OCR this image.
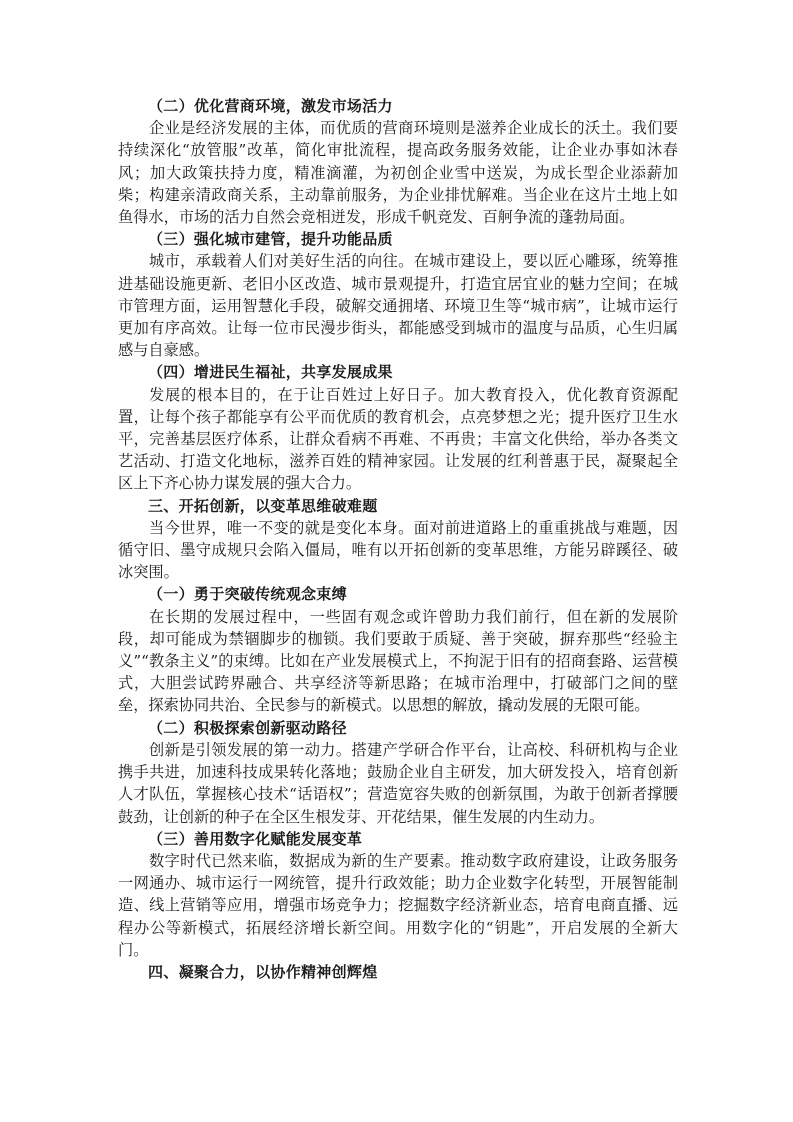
（二）优化营商环境，激发市场活力

企业是经济发展的主体，而优质的营商环境则是滋养企业成长的沃土。我们要持续深化“放管服”改革，简化审批流程，提高政务服务效能，让企业办事如沐春风；加大政策扶持力度，精准滴灌，为初创企业雪中送炭，为成长型企业添薪加柴；构建亲清政商关系，主动靠前服务，为企业排忧解难。当企业在这片土地上如鱼得水，市场的活力自然会竞相迸发，形成千帆竞发、百舸争流的蓬勃局面。

（三）强化城市建管，提升功能品质

城市，承载着人们对美好生活的向往。在城市建设上，要以匠心雕琢，统筹推进基础设施更新、老旧小区改造、城市景观提升，打造宜居宜业的魅力空间；在城市管理方面，运用智慧化手段，破解交通拥堵、环境卫生等“城市病”，让城市运行更加有序高效。让每一位市民漫步街头，都能感受到城市的温度与品质，心生归属感与自豪感。

（四）增进民生福祉，共享发展成果

发展的根本目的，在于让百姓过上好日子。加大教育投入，优化教育资源配置，让每个孩子都能享有公平而优质的教育机会，点亮梦想之光；提升医疗卫生水平，完善基层医疗体系，让群众看病不再难、不再贵；丰富文化供给，举办各类文艺活动、打造文化地标，滋养百姓的精神家园。让发展的红利普惠于民，凝聚起全区上下齐心协力谋发展的强大合力。

三、开拓创新，以变革思维破难题

当今世界，唯一不变的就是变化本身。面对前进道路上的重重挑战与难题，因循守旧、墨守成规只会陷入僵局，唯有以开拓创新的变革思维，方能另辟蹊径、破冰突围。

（一）勇于突破传统观念束缚

在长期的发展过程中，一些固有观念或许曾助力我们前行，但在新的发展阶段，却可能成为禁锢脚步的枷锁。我们要敢于质疑、善于突破，摒弃那些“经验主义”“教条主义”的束缚。比如在产业发展模式上，不拘泥于旧有的招商套路、运营模式，大胆尝试跨界融合、共享经济等新思路；在城市治理中，打破部门之间的壁垒，探索协同共治、全民参与的新模式。以思想的解放，撬动发展的无限可能。

（二）积极探索创新驱动路径

创新是引领发展的第一动力。搭建产学研合作平台，让高校、科研机构与企业携手共进，加速科技成果转化落地；鼓励企业自主研发，加大研发投入，培育创新人才队伍，掌握核心技术“话语权”；营造宽容失败的创新氛围，为敢于创新者撑腰鼓劲，让创新的种子在全区生根发芽、开花结果，催生发展的内生动力。

（三）善用数字化赋能发展变革

数字时代已然来临，数据成为新的生产要素。推动数字政府建设，让政务服务一网通办、城市运行一网统管，提升行政效能；助力企业数字化转型，开展智能制造、线上营销等应用，增强市场竞争力；挖掘数字经济新业态，培育电商直播、远程办公等新模式，拓展经济增长新空间。用数字化的“钥匙”，开启发展的全新大门。

四、凝聚合力，以协作精神创辉煌
